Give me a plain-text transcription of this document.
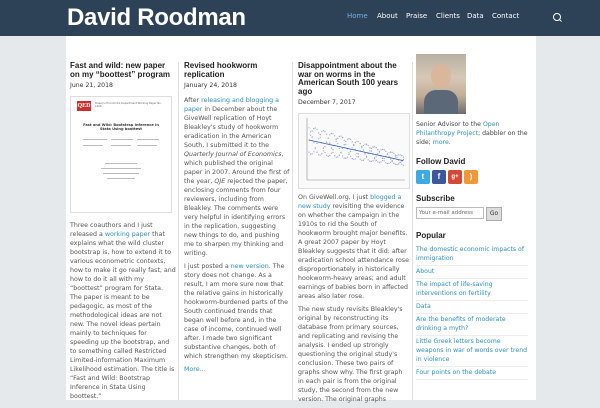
David Roodman	Home About Praise Clients Data Contact
Fast and wild: new paper on my “boottest” program
June 21, 2018
QED Queen's Economics Department Working Paper No. 1406
Fast and Wild: Bootstrap Inference in Stata Using boottest

Three coauthors and I just released a working paper that explains what the wild cluster bootstrap is, how to extend it to various econometric contexts, how to make it go really fast, and how to do it all with my “boottest” program for Stata. The paper is meant to be pedagogic, as most of the methodological ideas are not new. The novel ideas pertain mainly to techniques for speeding up the bootstrap, and to something called Restricted Limited-information Maximum Likelihood estimation. The title is “Fast and Wild: Bootstrap Inference in Stata Using boottest.”

Revised hookworm replication
January 24, 2018

After releasing and blogging a paper in December about the GiveWell replication of Hoyt Bleakley's study of hookworm eradication in the American South, I submitted it to the Quarterly Journal of Economics, which published the original paper in 2007. Around the first of the year, QJE rejected the paper, enclosing comments from four reviewers, including from Bleakley. The comments were very helpful in identifying errors in the replication, suggesting new things to do, and pushing me to sharpen my thinking and writing.

I just posted a new version. The story does not change. As a result, I am more sure now that the relative gains in historically hookworm-burdened parts of the South continued trends that began well before and, in the case of income, continued well after. I made two significant substantive changes, both of which strengthen my skepticism.

More...

Disappointment about the war on worms in the American South 100 years ago
December 7, 2017

On GiveWell.org, I just blogged a new study revisiting the evidence on whether the campaign in the 1910s to rid the South of hookworm brought major benefits. A great 2007 paper by Hoyt Bleakley suggests that it did: after eradication school attendance rose disproportionately in historically hookworm-heavy areas; and adult earnings of babies born in affected areas also later rose.

The new study revisits Bleakley's original by reconstructing its database from primary sources, and replicating and revising the analysis. I ended up strongly questioning the original study's conclusion. These two pairs of graphs show why. The first graph in each pair is from the original study, the second from the new version. The original graphs

Senior Advisor to the Open Philanthropy Project; dabbler on the side; more.
Follow David
t	f	g+	)
Subscribe
Your e-mail address	Go
Popular
The domestic economic impacts of immigration
About
The impact of life-saving interventions on fertility
Data
Are the benefits of moderate drinking a myth?
Little Greek letters become weapons in war of words over trend in violence
Four points on the debate
